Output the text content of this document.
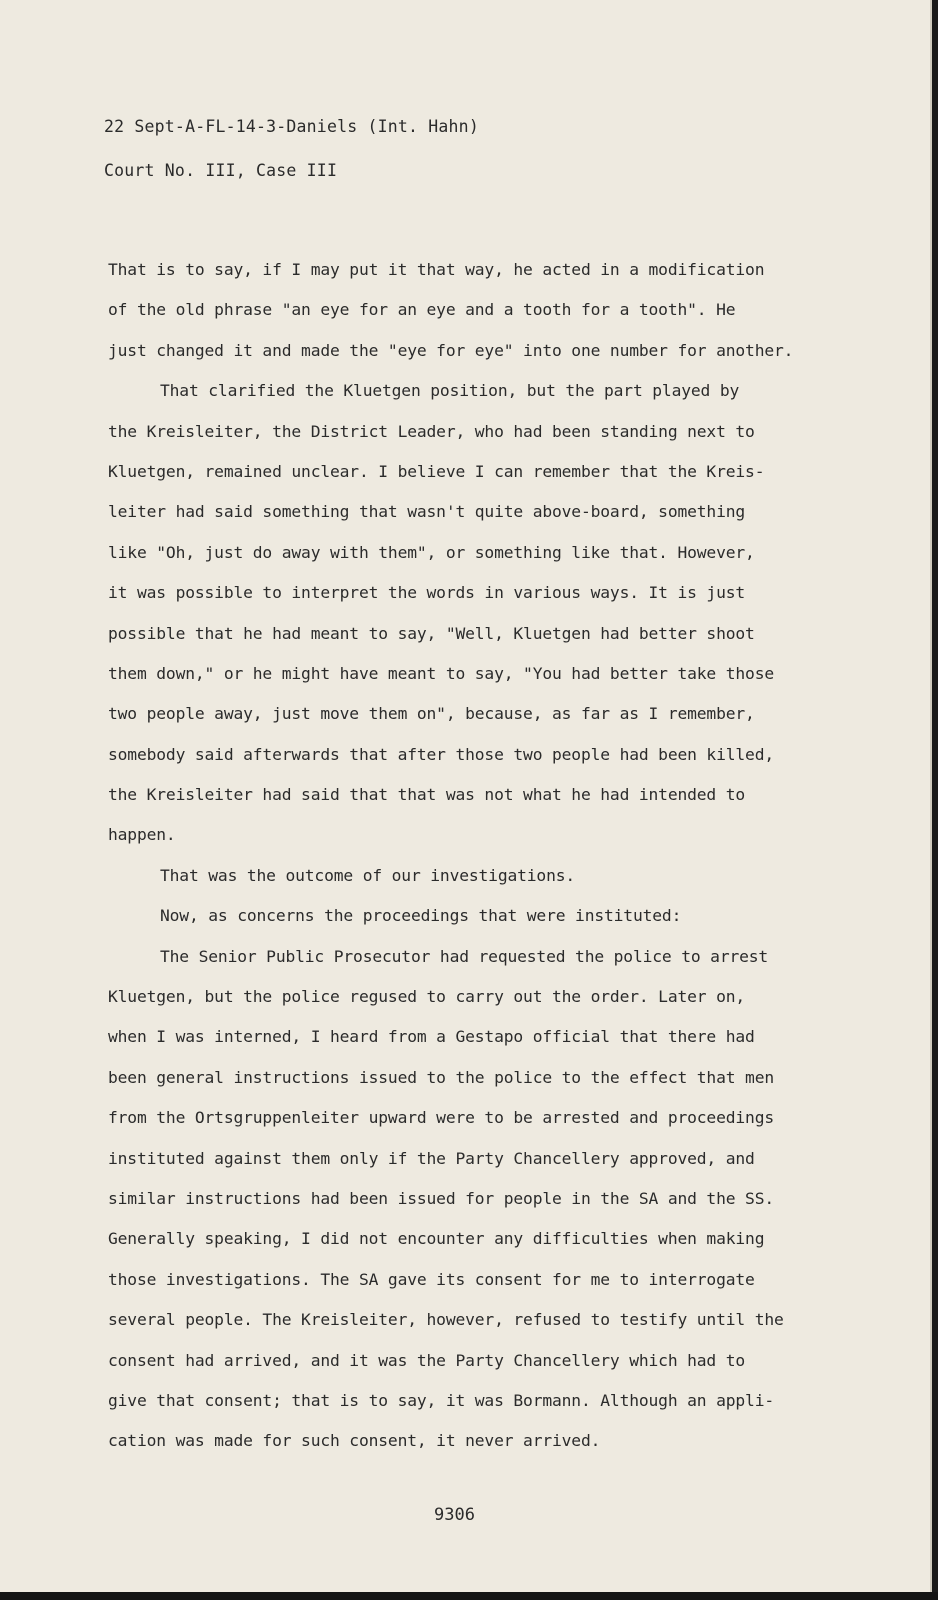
22 Sept-A-FL-14-3-Daniels (Int. Hahn)
Court No. III, Case III
That is to say, if I may put it that way, he acted in a modification
of the old phrase "an eye for an eye and a tooth for a tooth". He
just changed it and made the "eye for eye" into one number for another.
That clarified the Kluetgen position, but the part played by
the Kreisleiter, the District Leader, who had been standing next to
Kluetgen, remained unclear. I believe I can remember that the Kreis-
leiter had said something that wasn't quite above-board, something
like "Oh, just do away with them", or something like that. However,
it was possible to interpret the words in various ways. It is just
possible that he had meant to say, "Well, Kluetgen had better shoot
them down," or he might have meant to say, "You had better take those
two people away, just move them on", because, as far as I remember,
somebody said afterwards that after those two people had been killed,
the Kreisleiter had said that that was not what he had intended to
happen.
That was the outcome of our investigations.
Now, as concerns the proceedings that were instituted:
The Senior Public Prosecutor had requested the police to arrest
Kluetgen, but the police regused to carry out the order. Later on,
when I was interned, I heard from a Gestapo official that there had
been general instructions issued to the police to the effect that men
from the Ortsgruppenleiter upward were to be arrested and proceedings
instituted against them only if the Party Chancellery approved, and
similar instructions had been issued for people in the SA and the SS.
Generally speaking, I did not encounter any difficulties when making
those investigations. The SA gave its consent for me to interrogate
several people. The Kreisleiter, however, refused to testify until the
consent had arrived, and it was the Party Chancellery which had to
give that consent; that is to say, it was Bormann. Although an appli-
cation was made for such consent, it never arrived.
9306
